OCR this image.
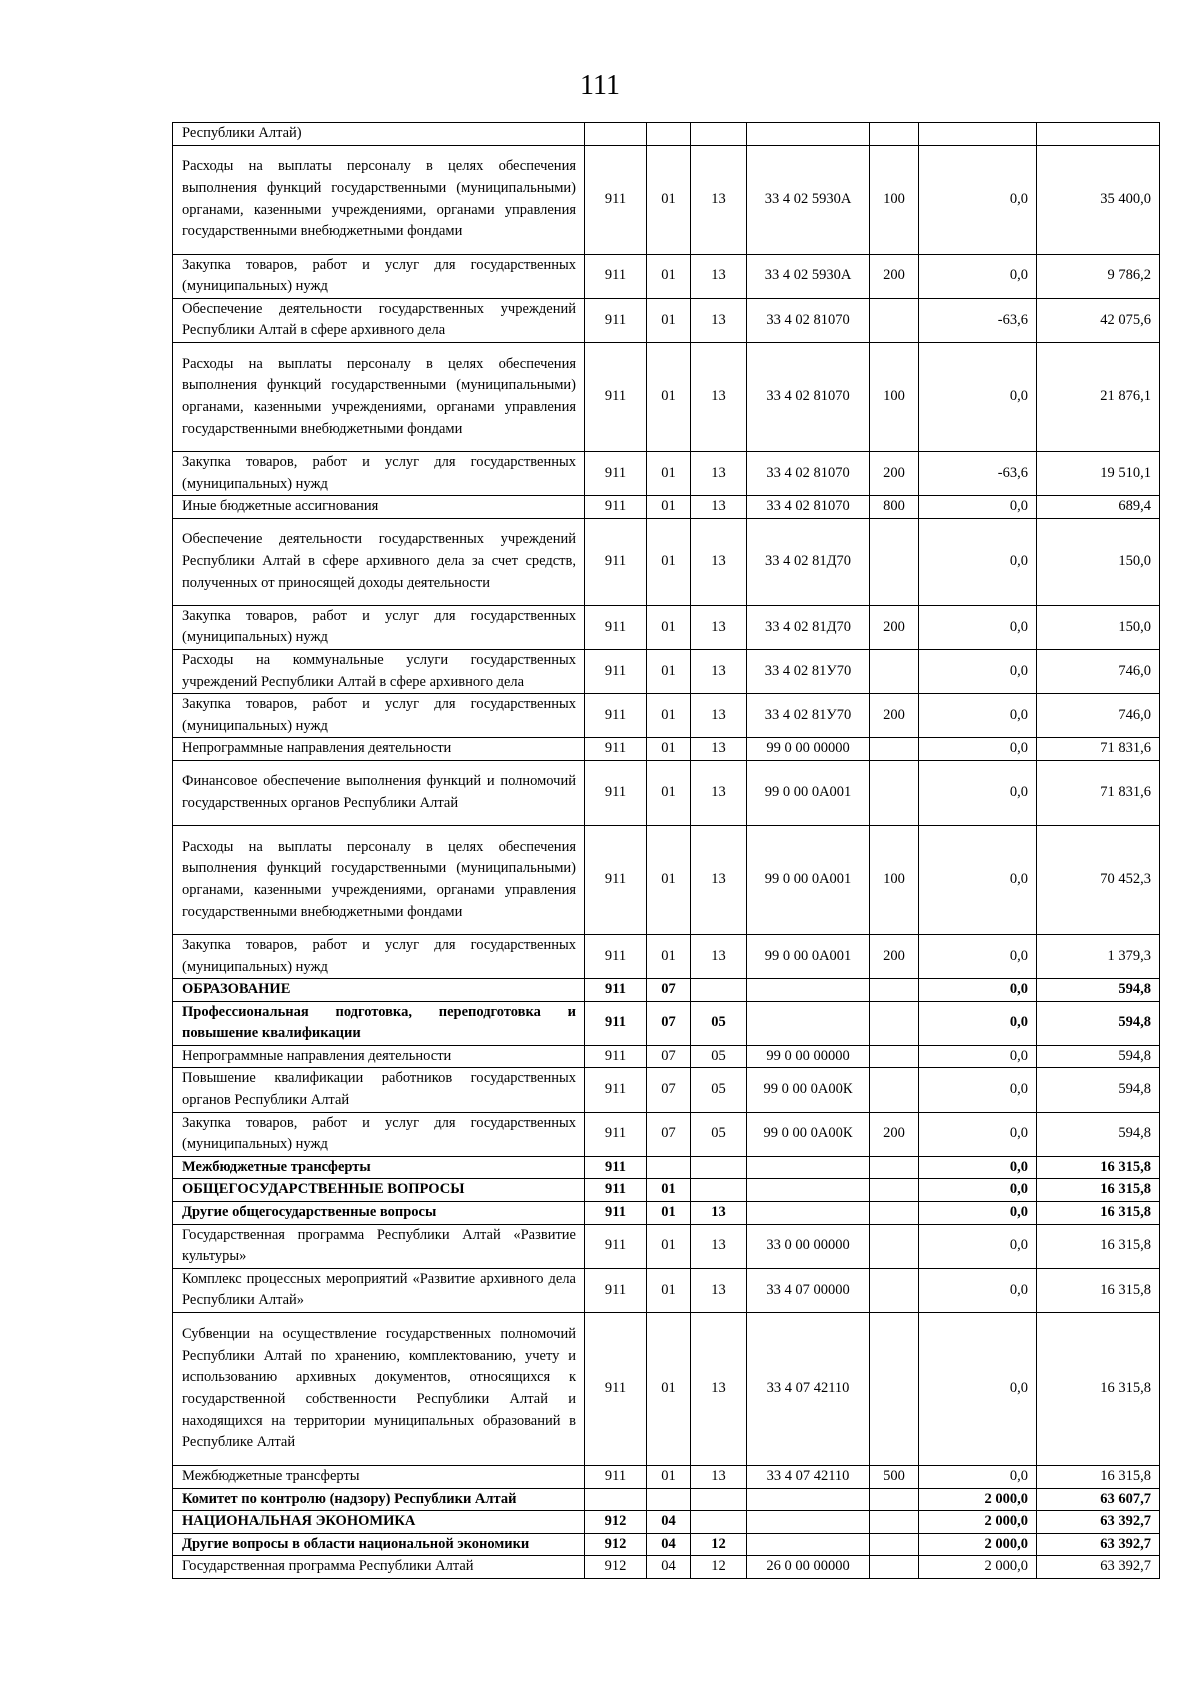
111
Республики Алтай)							
Расходы на выплаты персоналу в целях обеспечения выполнения функций государственными (муниципальными) органами, казенными учреждениями, органами управления государственными внебюджетными фондами	911	01	13	33 4 02 5930А	100	0,0	35 400,0
Закупка товаров, работ и услуг для государственных (муниципальных) нужд	911	01	13	33 4 02 5930А	200	0,0	9 786,2
Обеспечение деятельности государственных учреждений Республики Алтай в сфере архивного дела	911	01	13	33 4 02 81070		-63,6	42 075,6
Расходы на выплаты персоналу в целях обеспечения выполнения функций государственными (муниципальными) органами, казенными учреждениями, органами управления государственными внебюджетными фондами	911	01	13	33 4 02 81070	100	0,0	21 876,1
Закупка товаров, работ и услуг для государственных (муниципальных) нужд	911	01	13	33 4 02 81070	200	-63,6	19 510,1
Иные бюджетные ассигнования	911	01	13	33 4 02 81070	800	0,0	689,4
Обеспечение деятельности государственных учреждений Республики Алтай в сфере архивного дела за счет средств, полученных от приносящей доходы деятельности	911	01	13	33 4 02 81Д70		0,0	150,0
Закупка товаров, работ и услуг для государственных (муниципальных) нужд	911	01	13	33 4 02 81Д70	200	0,0	150,0
Расходы на коммунальные услуги государственных учреждений Республики Алтай в сфере архивного дела	911	01	13	33 4 02 81У70		0,0	746,0
Закупка товаров, работ и услуг для государственных (муниципальных) нужд	911	01	13	33 4 02 81У70	200	0,0	746,0
Непрограммные направления деятельности	911	01	13	99 0 00 00000		0,0	71 831,6
Финансовое обеспечение выполнения функций и полномочий государственных органов Республики Алтай	911	01	13	99 0 00 0А001		0,0	71 831,6
Расходы на выплаты персоналу в целях обеспечения выполнения функций государственными (муниципальными) органами, казенными учреждениями, органами управления государственными внебюджетными фондами	911	01	13	99 0 00 0А001	100	0,0	70 452,3
Закупка товаров, работ и услуг для государственных (муниципальных) нужд	911	01	13	99 0 00 0А001	200	0,0	1 379,3
ОБРАЗОВАНИЕ	911	07				0,0	594,8
Профессиональная подготовка, переподготовка и повышение квалификации	911	07	05			0,0	594,8
Непрограммные направления деятельности	911	07	05	99 0 00 00000		0,0	594,8
Повышение квалификации работников государственных органов Республики Алтай	911	07	05	99 0 00 0А00К		0,0	594,8
Закупка товаров, работ и услуг для государственных (муниципальных) нужд	911	07	05	99 0 00 0А00К	200	0,0	594,8
Межбюджетные трансферты	911					0,0	16 315,8
ОБЩЕГОСУДАРСТВЕННЫЕ ВОПРОСЫ	911	01				0,0	16 315,8
Другие общегосударственные вопросы	911	01	13			0,0	16 315,8
Государственная программа Республики Алтай «Развитие культуры»	911	01	13	33 0 00 00000		0,0	16 315,8
Комплекс процессных мероприятий «Развитие архивного дела Республики Алтай»	911	01	13	33 4 07 00000		0,0	16 315,8
Субвенции на осуществление государственных полномочий Республики Алтай по хранению, комплектованию, учету и использованию архивных документов, относящихся к государственной собственности Республики Алтай и находящихся на территории муниципальных образований в Республике Алтай	911	01	13	33 4 07 42110		0,0	16 315,8
Межбюджетные трансферты	911	01	13	33 4 07 42110	500	0,0	16 315,8
Комитет по контролю (надзору) Республики Алтай						2 000,0	63 607,7
НАЦИОНАЛЬНАЯ ЭКОНОМИКА	912	04				2 000,0	63 392,7
Другие вопросы в области национальной экономики	912	04	12			2 000,0	63 392,7
Государственная программа Республики Алтай	912	04	12	26 0 00 00000		2 000,0	63 392,7
